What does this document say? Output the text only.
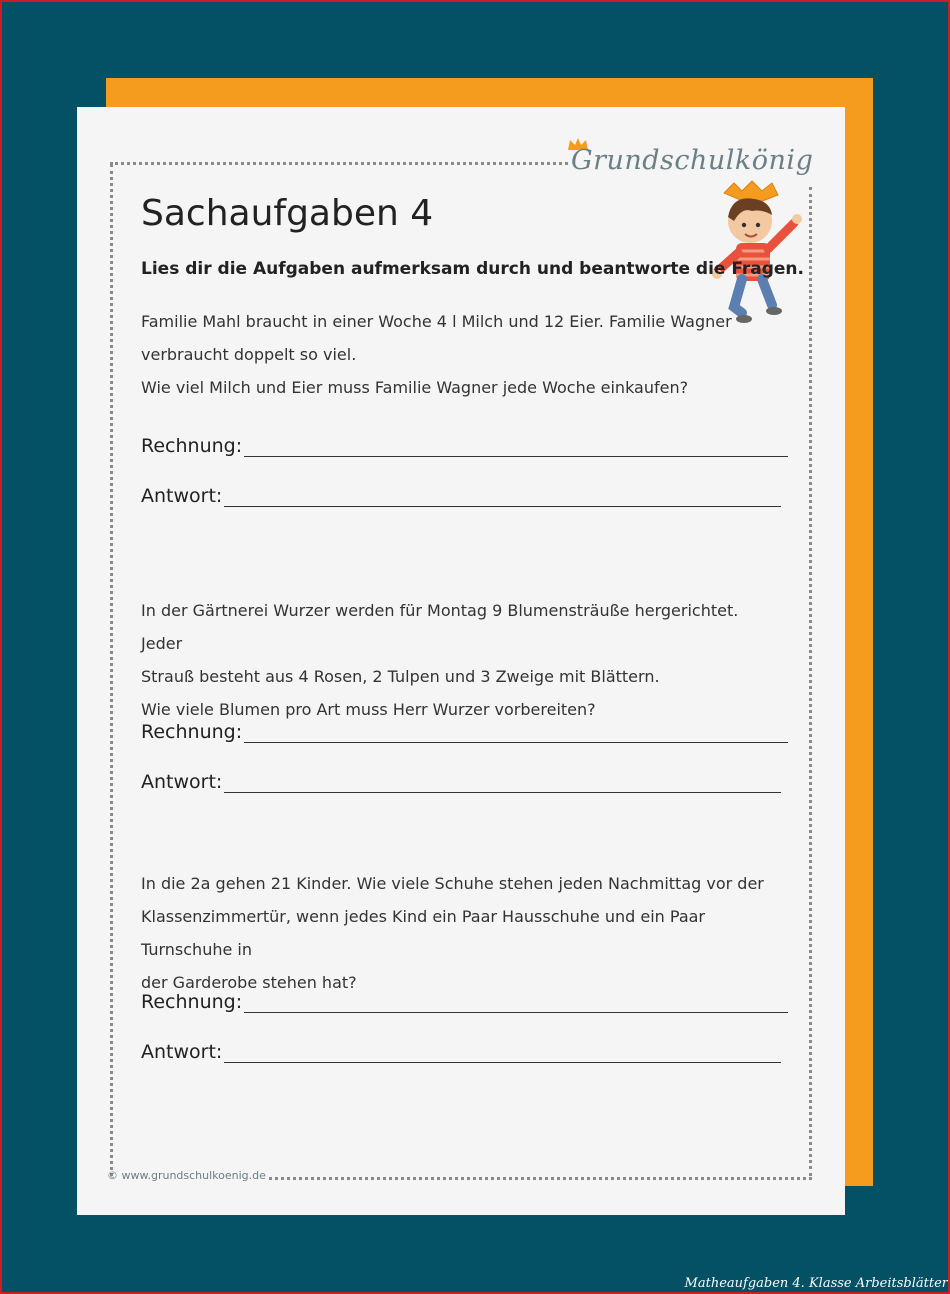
Grundschulkönig
Sachaufgaben 4
Lies dir die Aufgaben aufmerksam durch und beantworte die Fragen.

Familie Mahl braucht in einer Woche 4 l Milch und 12 Eier. Familie Wagner

verbraucht doppelt so viel.

Wie viel Milch und Eier muss Familie Wagner jede Woche einkaufen?

Rechnung:
Antwort:

In der Gärtnerei Wurzer werden für Montag 9 Blumensträuße hergerichtet. Jeder

Strauß besteht aus 4 Rosen, 2 Tulpen und 3 Zweige mit Blättern.

Wie viele Blumen pro Art muss Herr Wurzer vorbereiten?

Rechnung:
Antwort:

In die 2a gehen 21 Kinder. Wie viele Schuhe stehen jeden Nachmittag vor der

Klassenzimmertür, wenn jedes Kind ein Paar Hausschuhe und ein Paar Turnschuhe in

der Garderobe stehen hat?

Rechnung:
Antwort:
© www.grundschulkoenig.de
Matheaufgaben 4. Klasse Arbeitsblätter
